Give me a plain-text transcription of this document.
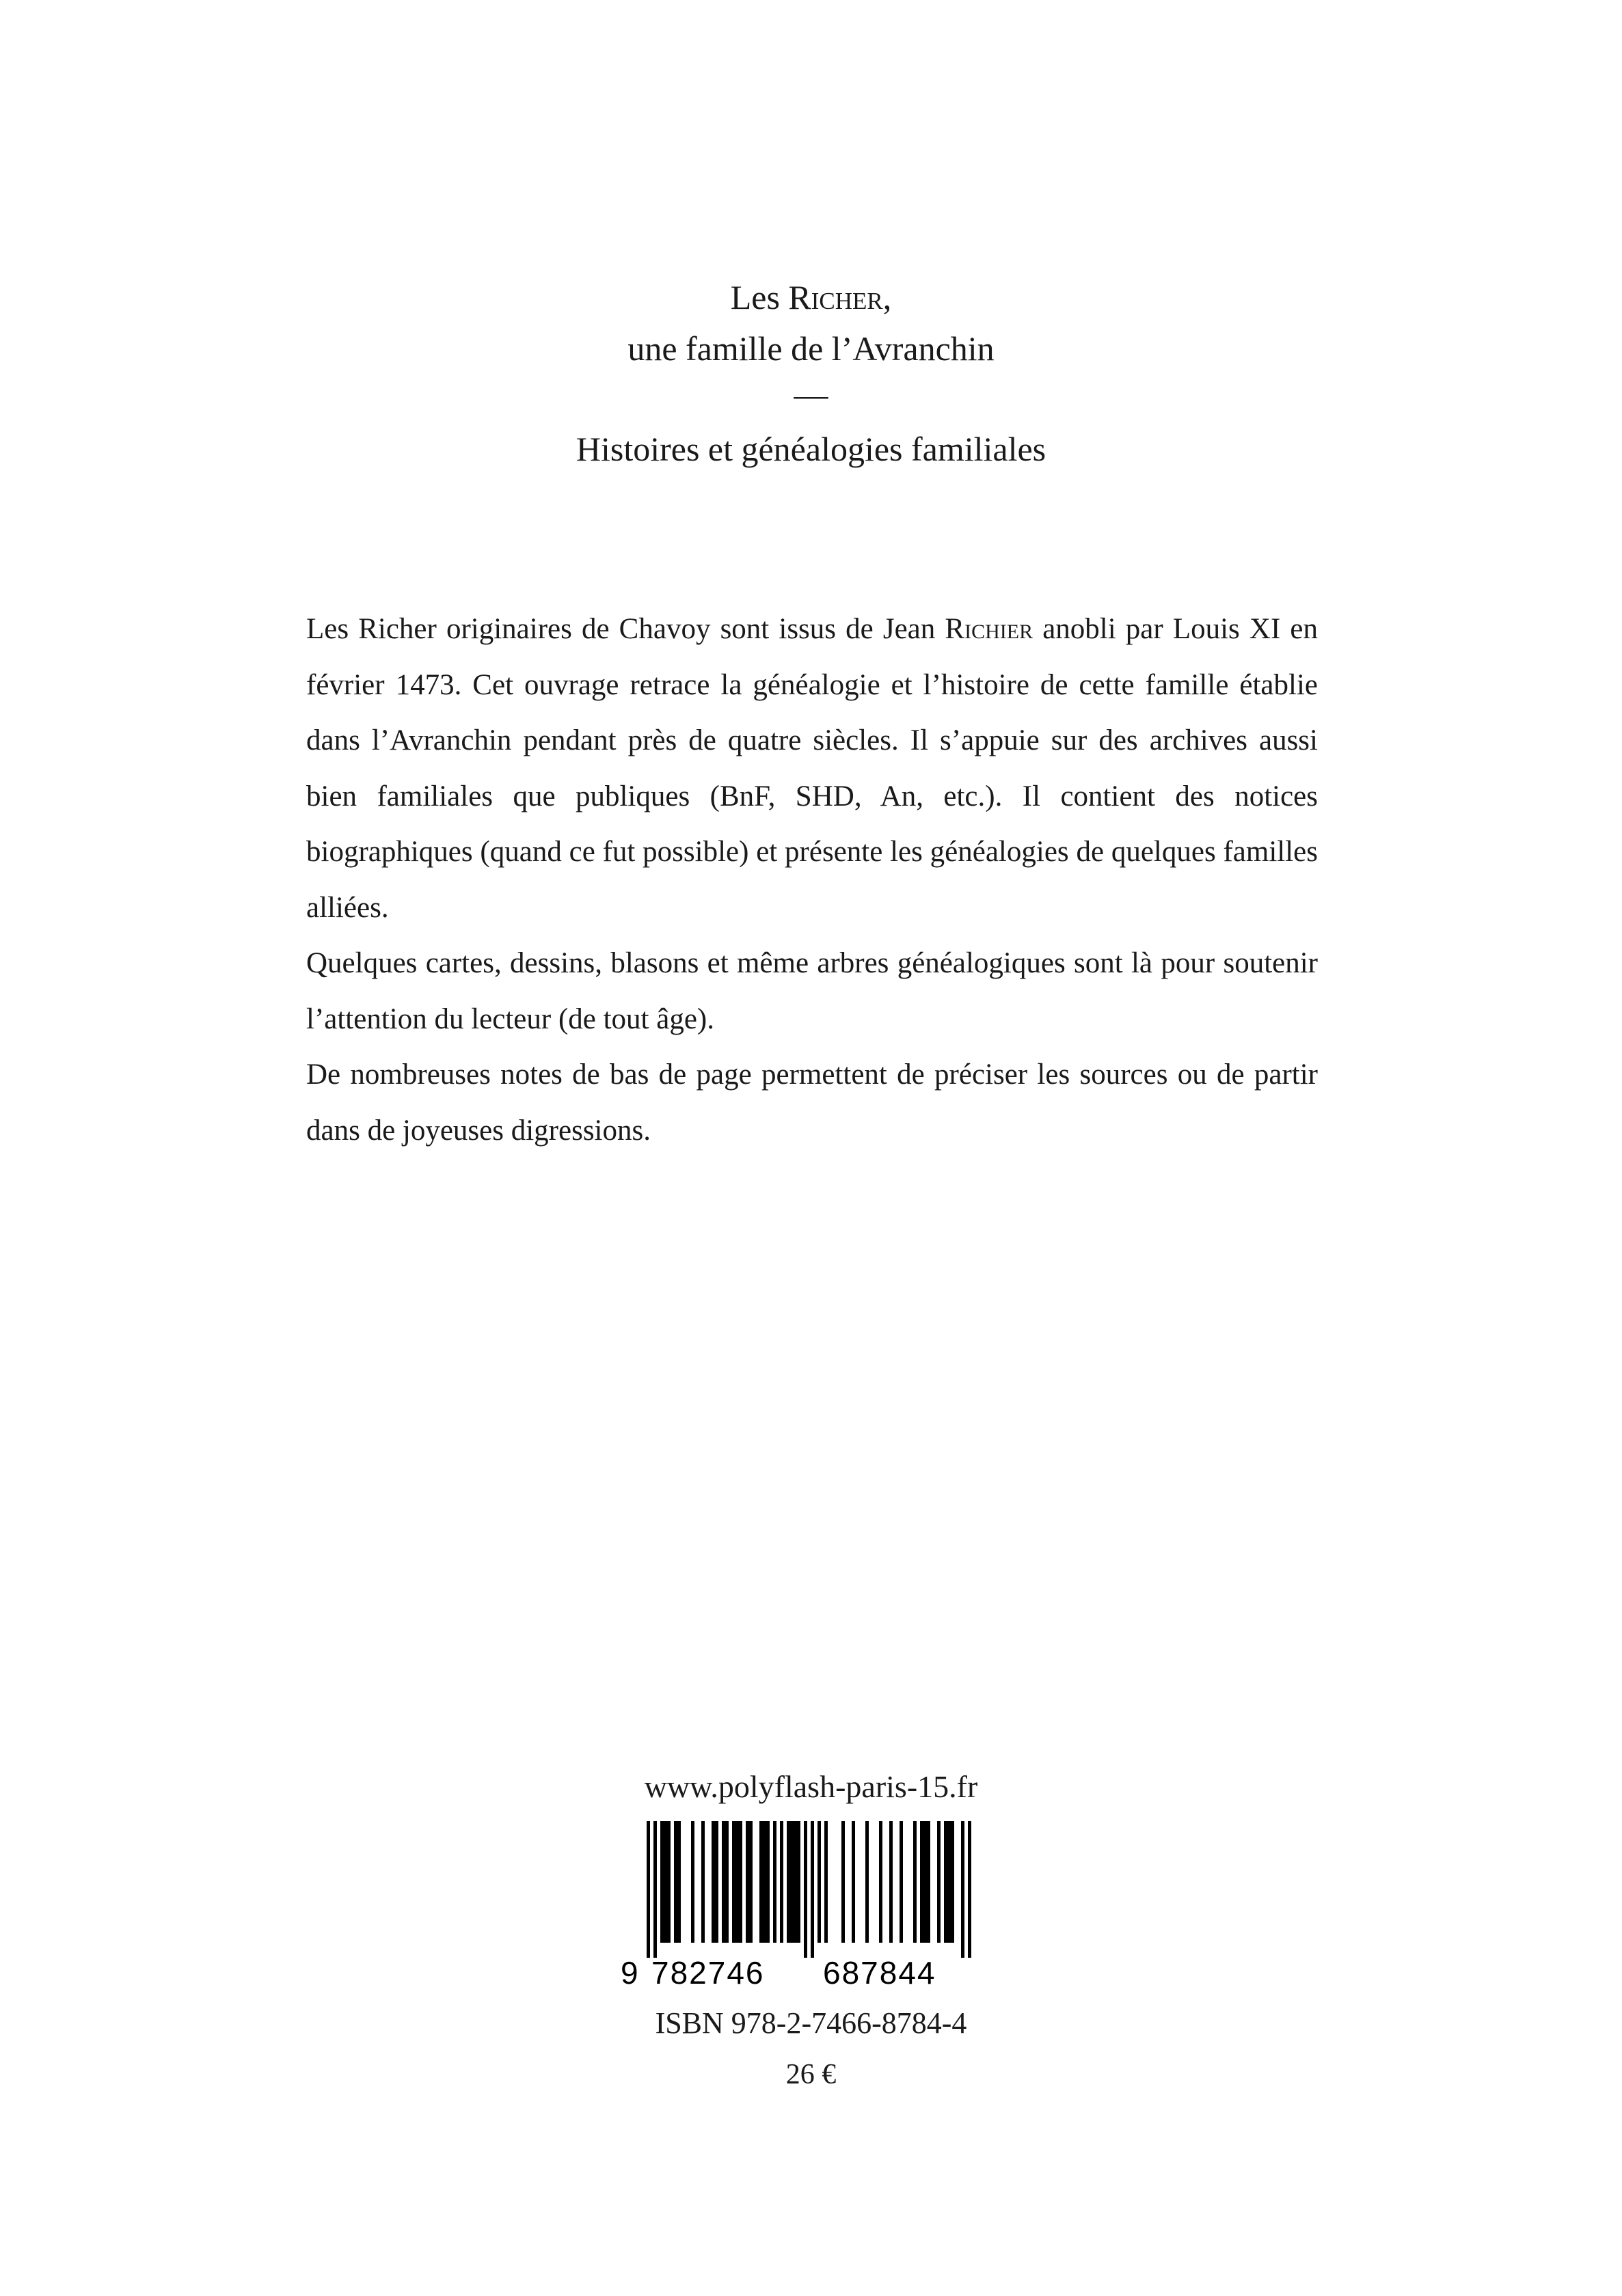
Les Richer,
une famille de l’Avranchin
—
Histoires et généalogies familiales

Les Richer originaires de Chavoy sont issus de Jean Richier anobli par Louis XI en février 1473. Cet ouvrage retrace la généalogie et l’histoire de cette famille établie dans l’Avranchin pendant près de quatre siècles. Il s’appuie sur des archives aussi bien familiales que publiques (BnF, SHD, An, etc.). Il contient des notices biographiques (quand ce fut possible) et présente les généalogies de quelques familles alliées.

Quelques cartes, dessins, blasons et même arbres généalogiques sont là pour soutenir l’attention du lecteur (de tout âge).

De nombreuses notes de bas de page permettent de préciser les sources ou de partir dans de joyeuses digressions.

www.polyflash-paris-15.fr
9 782746 687844
ISBN 978-2-7466-8784-4
26 €
